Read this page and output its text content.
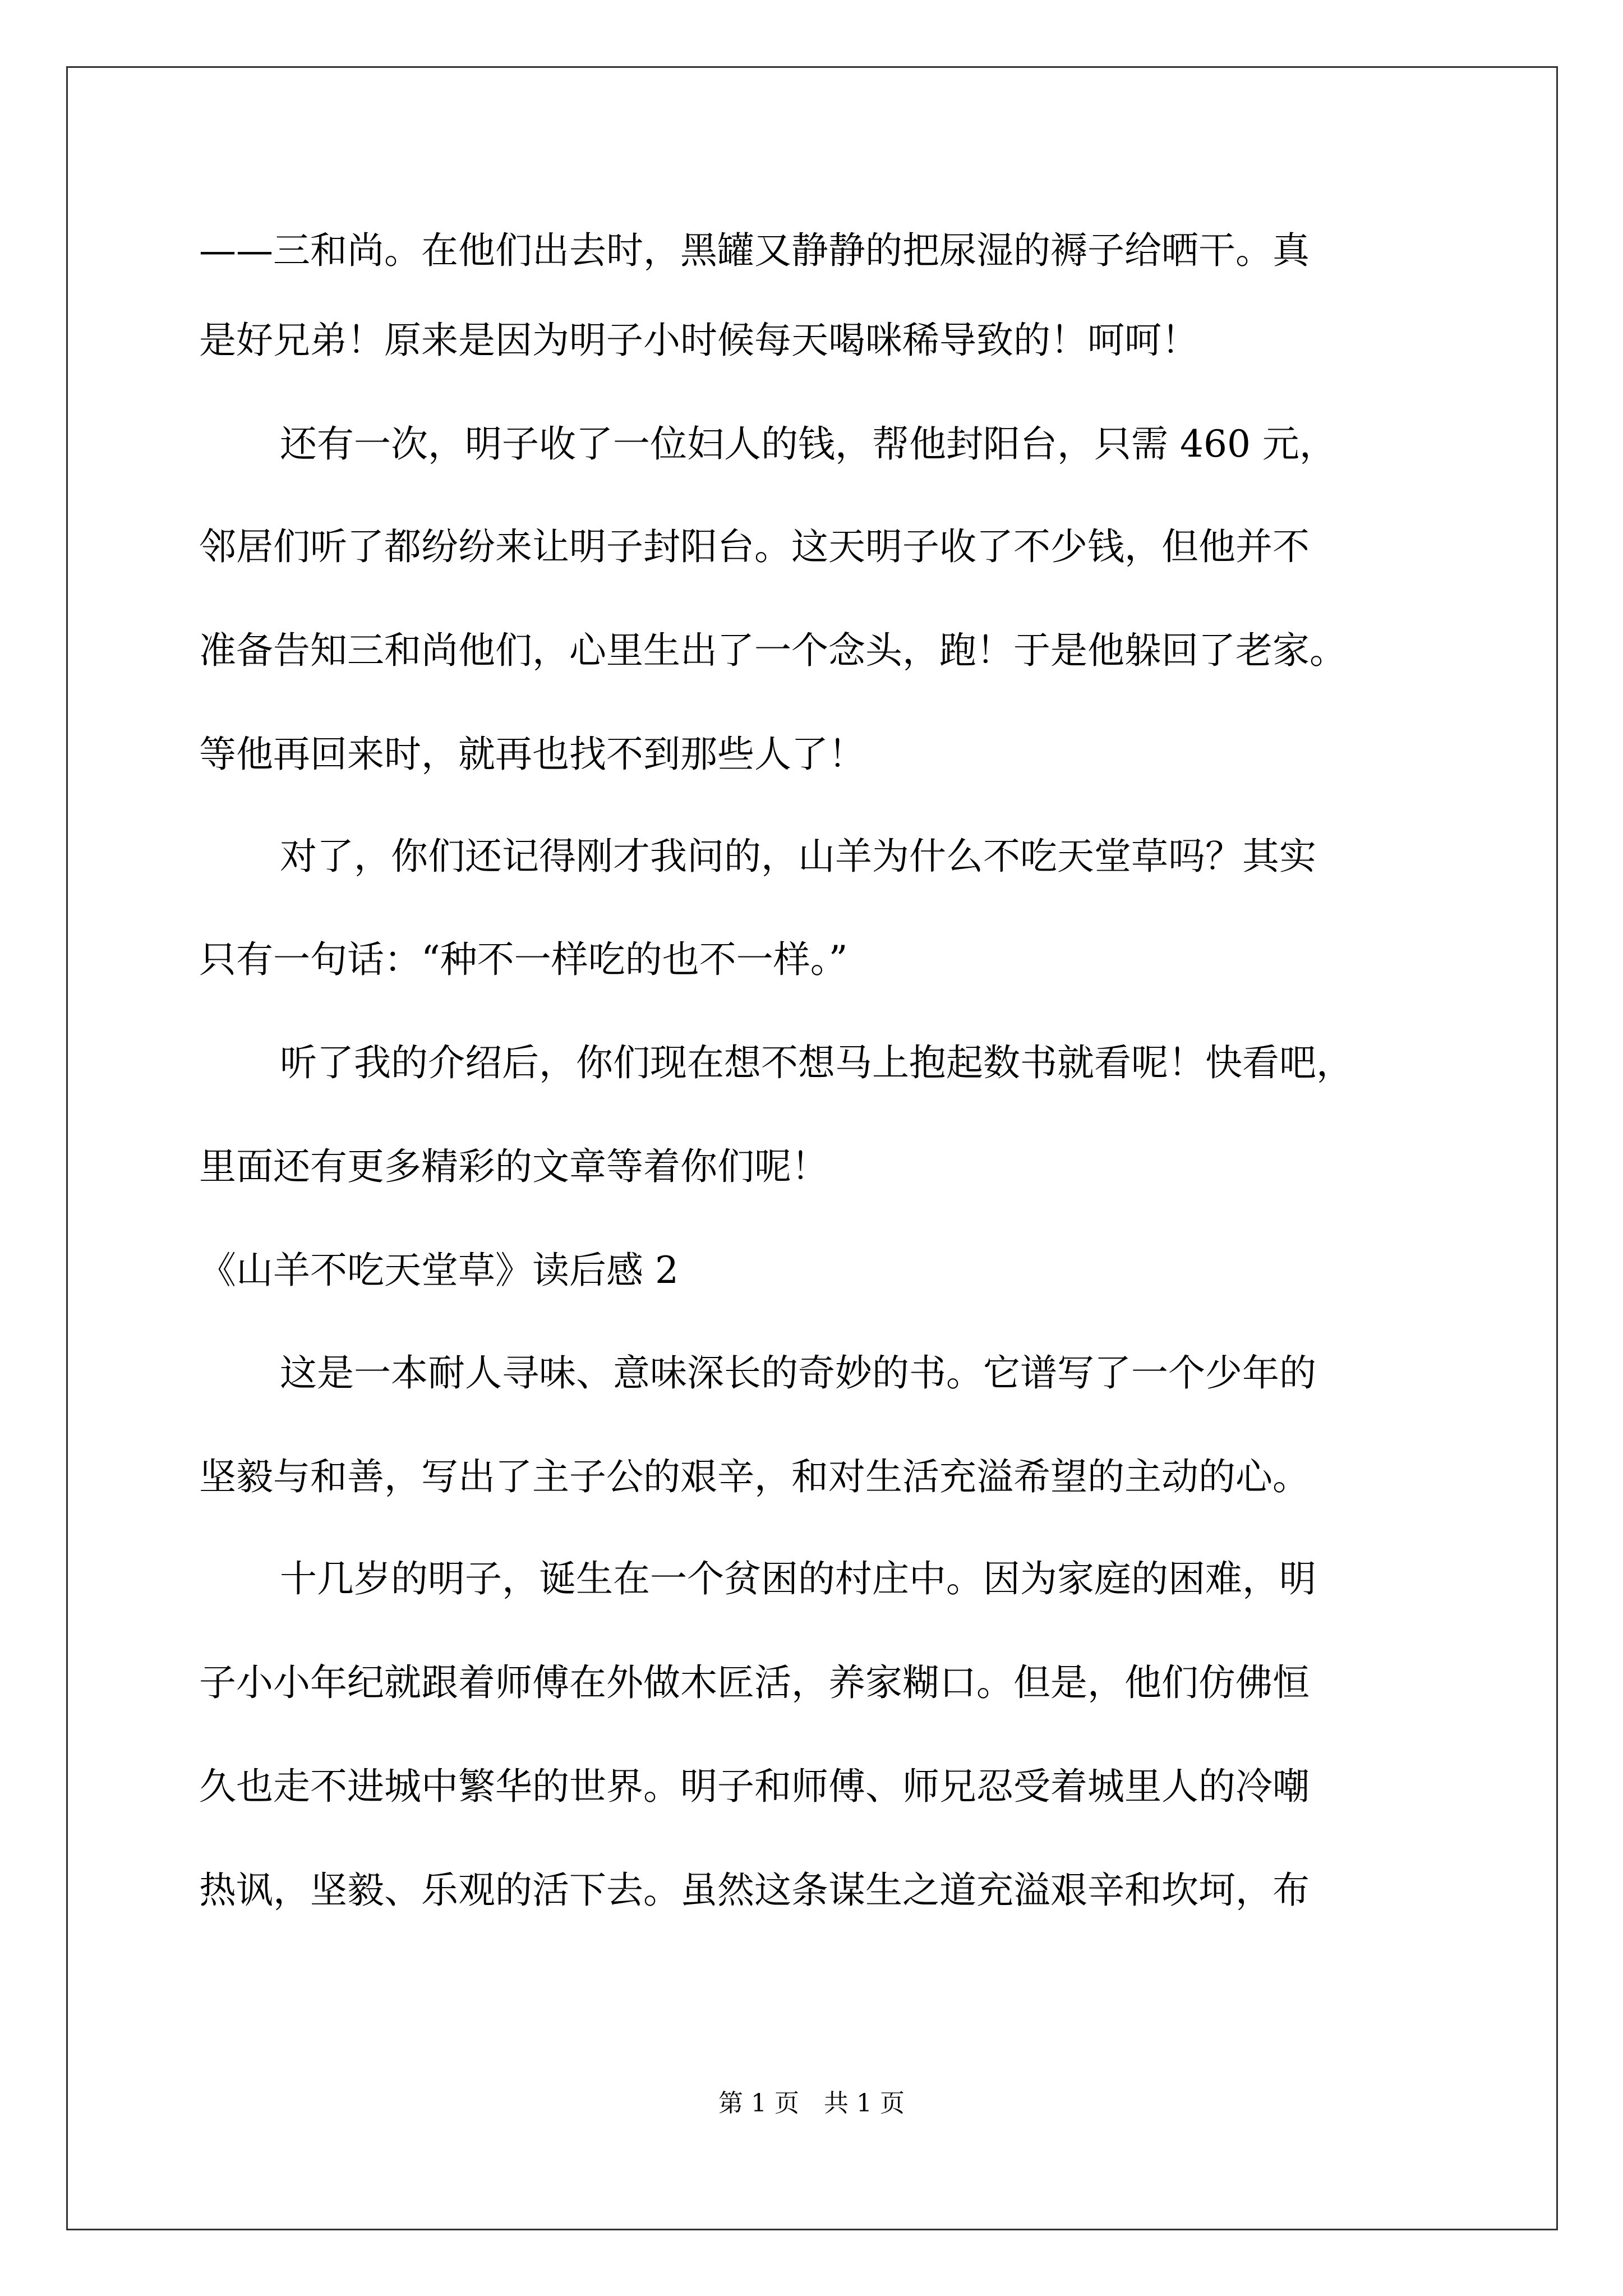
——三和尚。在他们出去时，黑罐又静静的把尿湿的褥子给晒干。真
是好兄弟！原来是因为明子小时候每天喝咪稀导致的！呵呵！
还有一次，明子收了一位妇人的钱，帮他封阳台，只需 460 元，
邻居们听了都纷纷来让明子封阳台。这天明子收了不少钱，但他并不
准备告知三和尚他们，心里生出了一个念头，跑！于是他躲回了老家。
等他再回来时，就再也找不到那些人了！
对了，你们还记得刚才我问的，山羊为什么不吃天堂草吗？其实
只有一句话：“种不一样吃的也不一样。”
听了我的介绍后，你们现在想不想马上抱起数书就看呢！快看吧，
里面还有更多精彩的文章等着你们呢！
《山羊不吃天堂草》读后感 2
这是一本耐人寻味、意味深长的奇妙的书。它谱写了一个少年的
坚毅与和善，写出了主子公的艰辛，和对生活充溢希望的主动的心。
十几岁的明子，诞生在一个贫困的村庄中。因为家庭的困难，明
子小小年纪就跟着师傅在外做木匠活，养家糊口。但是，他们仿佛恒
久也走不进城中繁华的世界。明子和师傅、师兄忍受着城里人的冷嘲
热讽，坚毅、乐观的活下去。虽然这条谋生之道充溢艰辛和坎坷，布
第 1 页　共 1 页
